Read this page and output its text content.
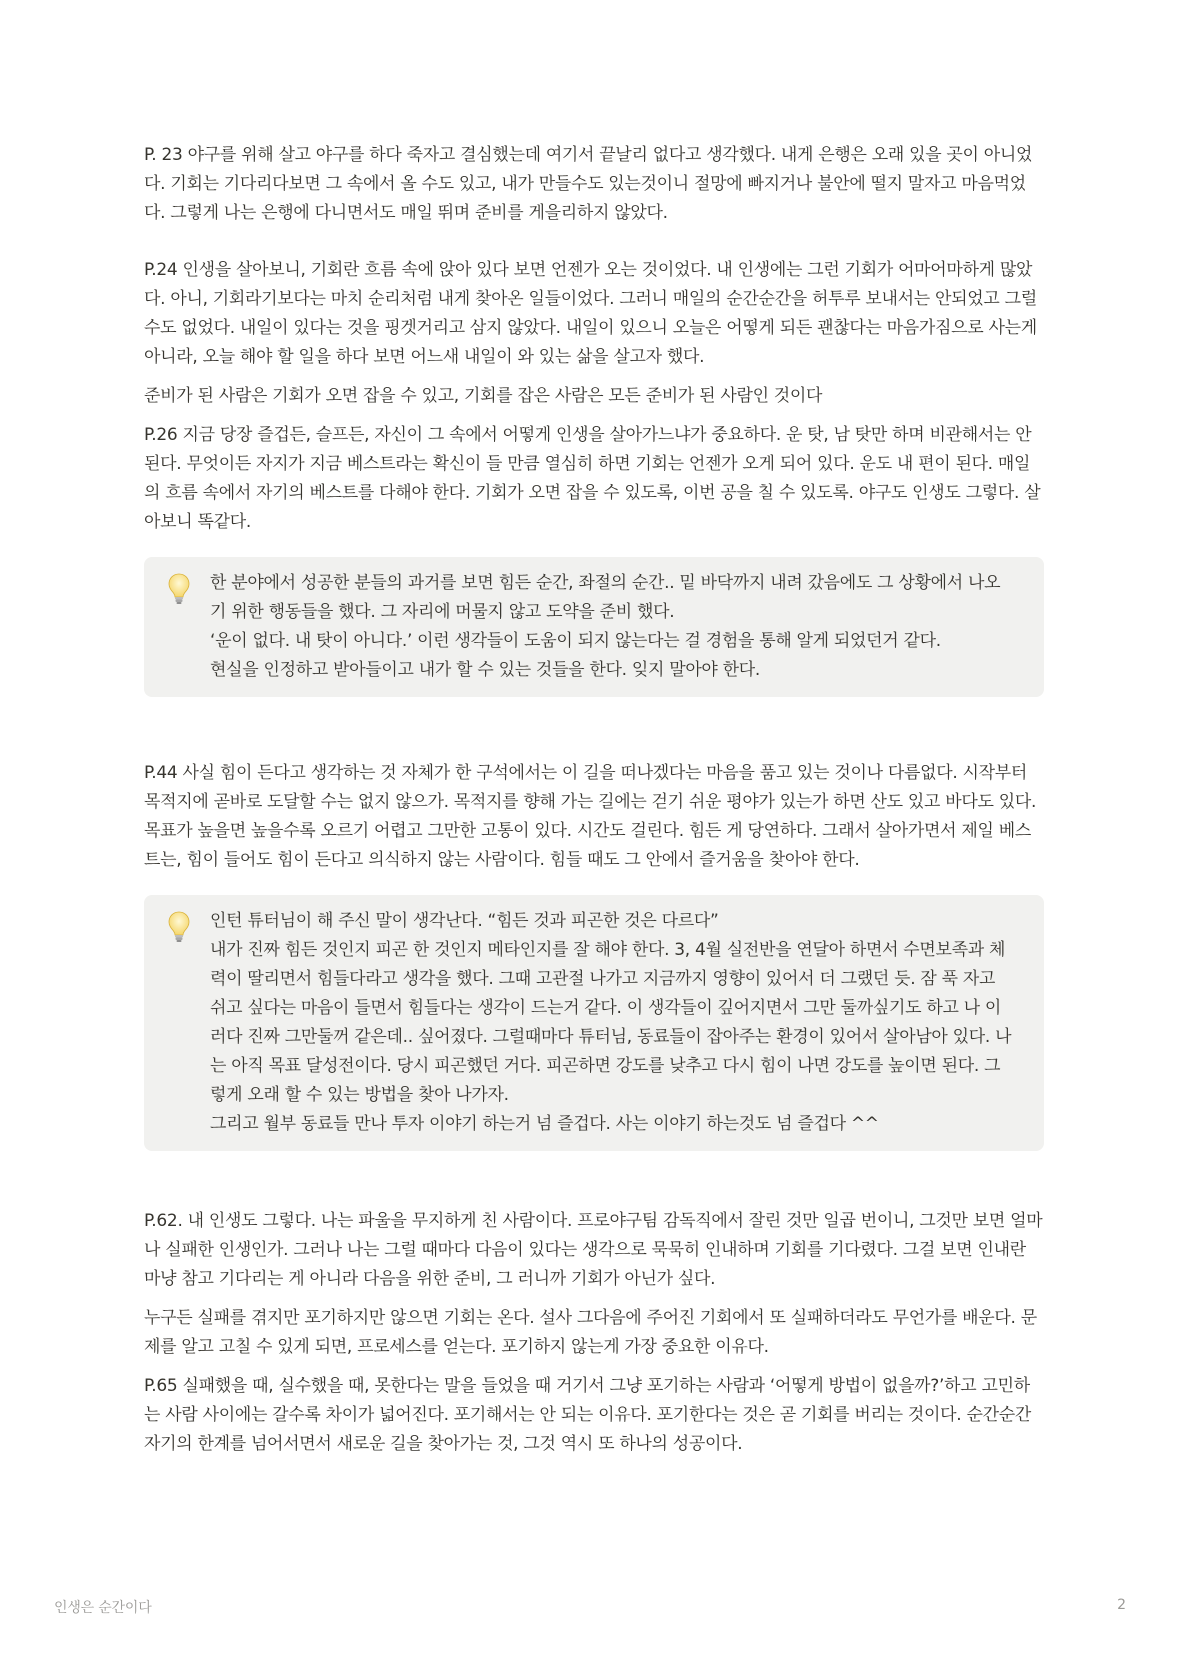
P. 23 야구를 위해 살고 야구를 하다 죽자고 결심했는데 여기서 끝날리 없다고 생각했다. 내게 은행은 오래 있을 곳이 아니었다. 기회는 기다리다보면 그 속에서 올 수도 있고, 내가 만들수도 있는것이니 절망에 빠지거나 불안에 떨지 말자고 마음먹었다. 그렇게 나는 은행에 다니면서도 매일 뛰며 준비를 게을리하지 않았다.

P.24 인생을 살아보니, 기회란 흐름 속에 앉아 있다 보면 언젠가 오는 것이었다. 내 인생에는 그런 기회가 어마어마하게 많았다. 아니, 기회라기보다는 마치 순리처럼 내게 찾아온 일들이었다. 그러니 매일의 순간순간을 허투루 보내서는 안되었고 그럴 수도 없었다. 내일이 있다는 것을 핑겟거리고 삼지 않았다. 내일이 있으니 오늘은 어떻게 되든 괜찮다는 마음가짐으로 사는게 아니라, 오늘 해야 할 일을 하다 보면 어느새 내일이 와 있는 삶을 살고자 했다.

준비가 된 사람은 기회가 오면 잡을 수 있고, 기회를 잡은 사람은 모든 준비가 된 사람인 것이다

P.26 지금 당장 즐겁든, 슬프든, 자신이 그 속에서 어떻게 인생을 살아가느냐가 중요하다. 운 탓, 남 탓만 하며 비관해서는 안 된다. 무엇이든 자지가 지금 베스트라는 확신이 들 만큼 열심히 하면 기회는 언젠가 오게 되어 있다. 운도 내 편이 된다. 매일의 흐름 속에서 자기의 베스트를 다해야 한다. 기회가 오면 잡을 수 있도록, 이번 공을 칠 수 있도록. 야구도 인생도 그렇다. 살아보니 똑같다.

한 분야에서 성공한 분들의 과거를 보면 힘든 순간, 좌절의 순간.. 밑 바닥까지 내려 갔음에도 그 상황에서 나오기 위한 행동들을 했다. 그 자리에 머물지 않고 도약을 준비 했다.

‘운이 없다. 내 탓이 아니다.’ 이런 생각들이 도움이 되지 않는다는 걸 경험을 통해 알게 되었던거 같다.

현실을 인정하고 받아들이고 내가 할 수 있는 것들을 한다. 잊지 말아야 한다.

P.44 사실 힘이 든다고 생각하는 것 자체가 한 구석에서는 이 길을 떠나겠다는 마음을 품고 있는 것이나 다름없다. 시작부터 목적지에 곧바로 도달할 수는 없지 않으가. 목적지를 향해 가는 길에는 걷기 쉬운 평야가 있는가 하면 산도 있고 바다도 있다. 목표가 높을면 높을수록 오르기 어렵고 그만한 고통이 있다. 시간도 걸린다. 힘든 게 당연하다. 그래서 살아가면서 제일 베스트는, 힘이 들어도 힘이 든다고 의식하지 않는 사람이다. 힘들 때도 그 안에서 즐거움을 찾아야 한다.

인턴 튜터님이 해 주신 말이 생각난다. “힘든 것과 피곤한 것은 다르다”

내가 진짜 힘든 것인지 피곤 한 것인지 메타인지를 잘 해야 한다. 3, 4월 실전반을 연달아 하면서 수면보족과 체력이 딸리면서 힘들다라고 생각을 했다. 그때 고관절 나가고 지금까지 영향이 있어서 더 그랬던 듯. 잠 푹 자고 쉬고 싶다는 마음이 들면서 힘들다는 생각이 드는거 같다. 이 생각들이 깊어지면서 그만 둘까싶기도 하고 나 이러다 진짜 그만둘꺼 같은데.. 싶어졌다. 그럴때마다 튜터님, 동료들이 잡아주는 환경이 있어서 살아남아 있다. 나는 아직 목표 달성전이다. 당시 피곤했던 거다. 피곤하면 강도를 낮추고 다시 힘이 나면 강도를 높이면 된다. 그렇게 오래 할 수 있는 방법을 찾아 나가자.

그리고 월부 동료들 만나 투자 이야기 하는거 넘 즐겁다. 사는 이야기 하는것도 넘 즐겁다 ^^

P.62. 내 인생도 그렇다. 나는 파울을 무지하게 친 사람이다. 프로야구팀 감독직에서 잘린 것만 일곱 번이니, 그것만 보면 얼마나 실패한 인생인가. 그러나 나는 그럴 때마다 다음이 있다는 생각으로 묵묵히 인내하며 기회를 기다렸다. 그걸 보면 인내란 마냥 참고 기다리는 게 아니라 다음을 위한 준비, 그 러니까 기회가 아닌가 싶다.

누구든 실패를 겪지만 포기하지만 않으면 기회는 온다. 설사 그다음에 주어진 기회에서 또 실패하더라도 무언가를 배운다. 문제를 알고 고칠 수 있게 되면, 프로세스를 얻는다. 포기하지 않는게 가장 중요한 이유다.

P.65 실패했을 때, 실수했을 때, 못한다는 말을 들었을 때 거기서 그냥 포기하는 사람과 ‘어떻게 방법이 없을까?’하고 고민하는 사람 사이에는 갈수록 차이가 넓어진다. 포기해서는 안 되는 이유다. 포기한다는 것은 곧 기회를 버리는 것이다. 순간순간 자기의 한계를 넘어서면서 새로운 길을 찾아가는 것, 그것 역시 또 하나의 성공이다.

인생은 순간이다	2
